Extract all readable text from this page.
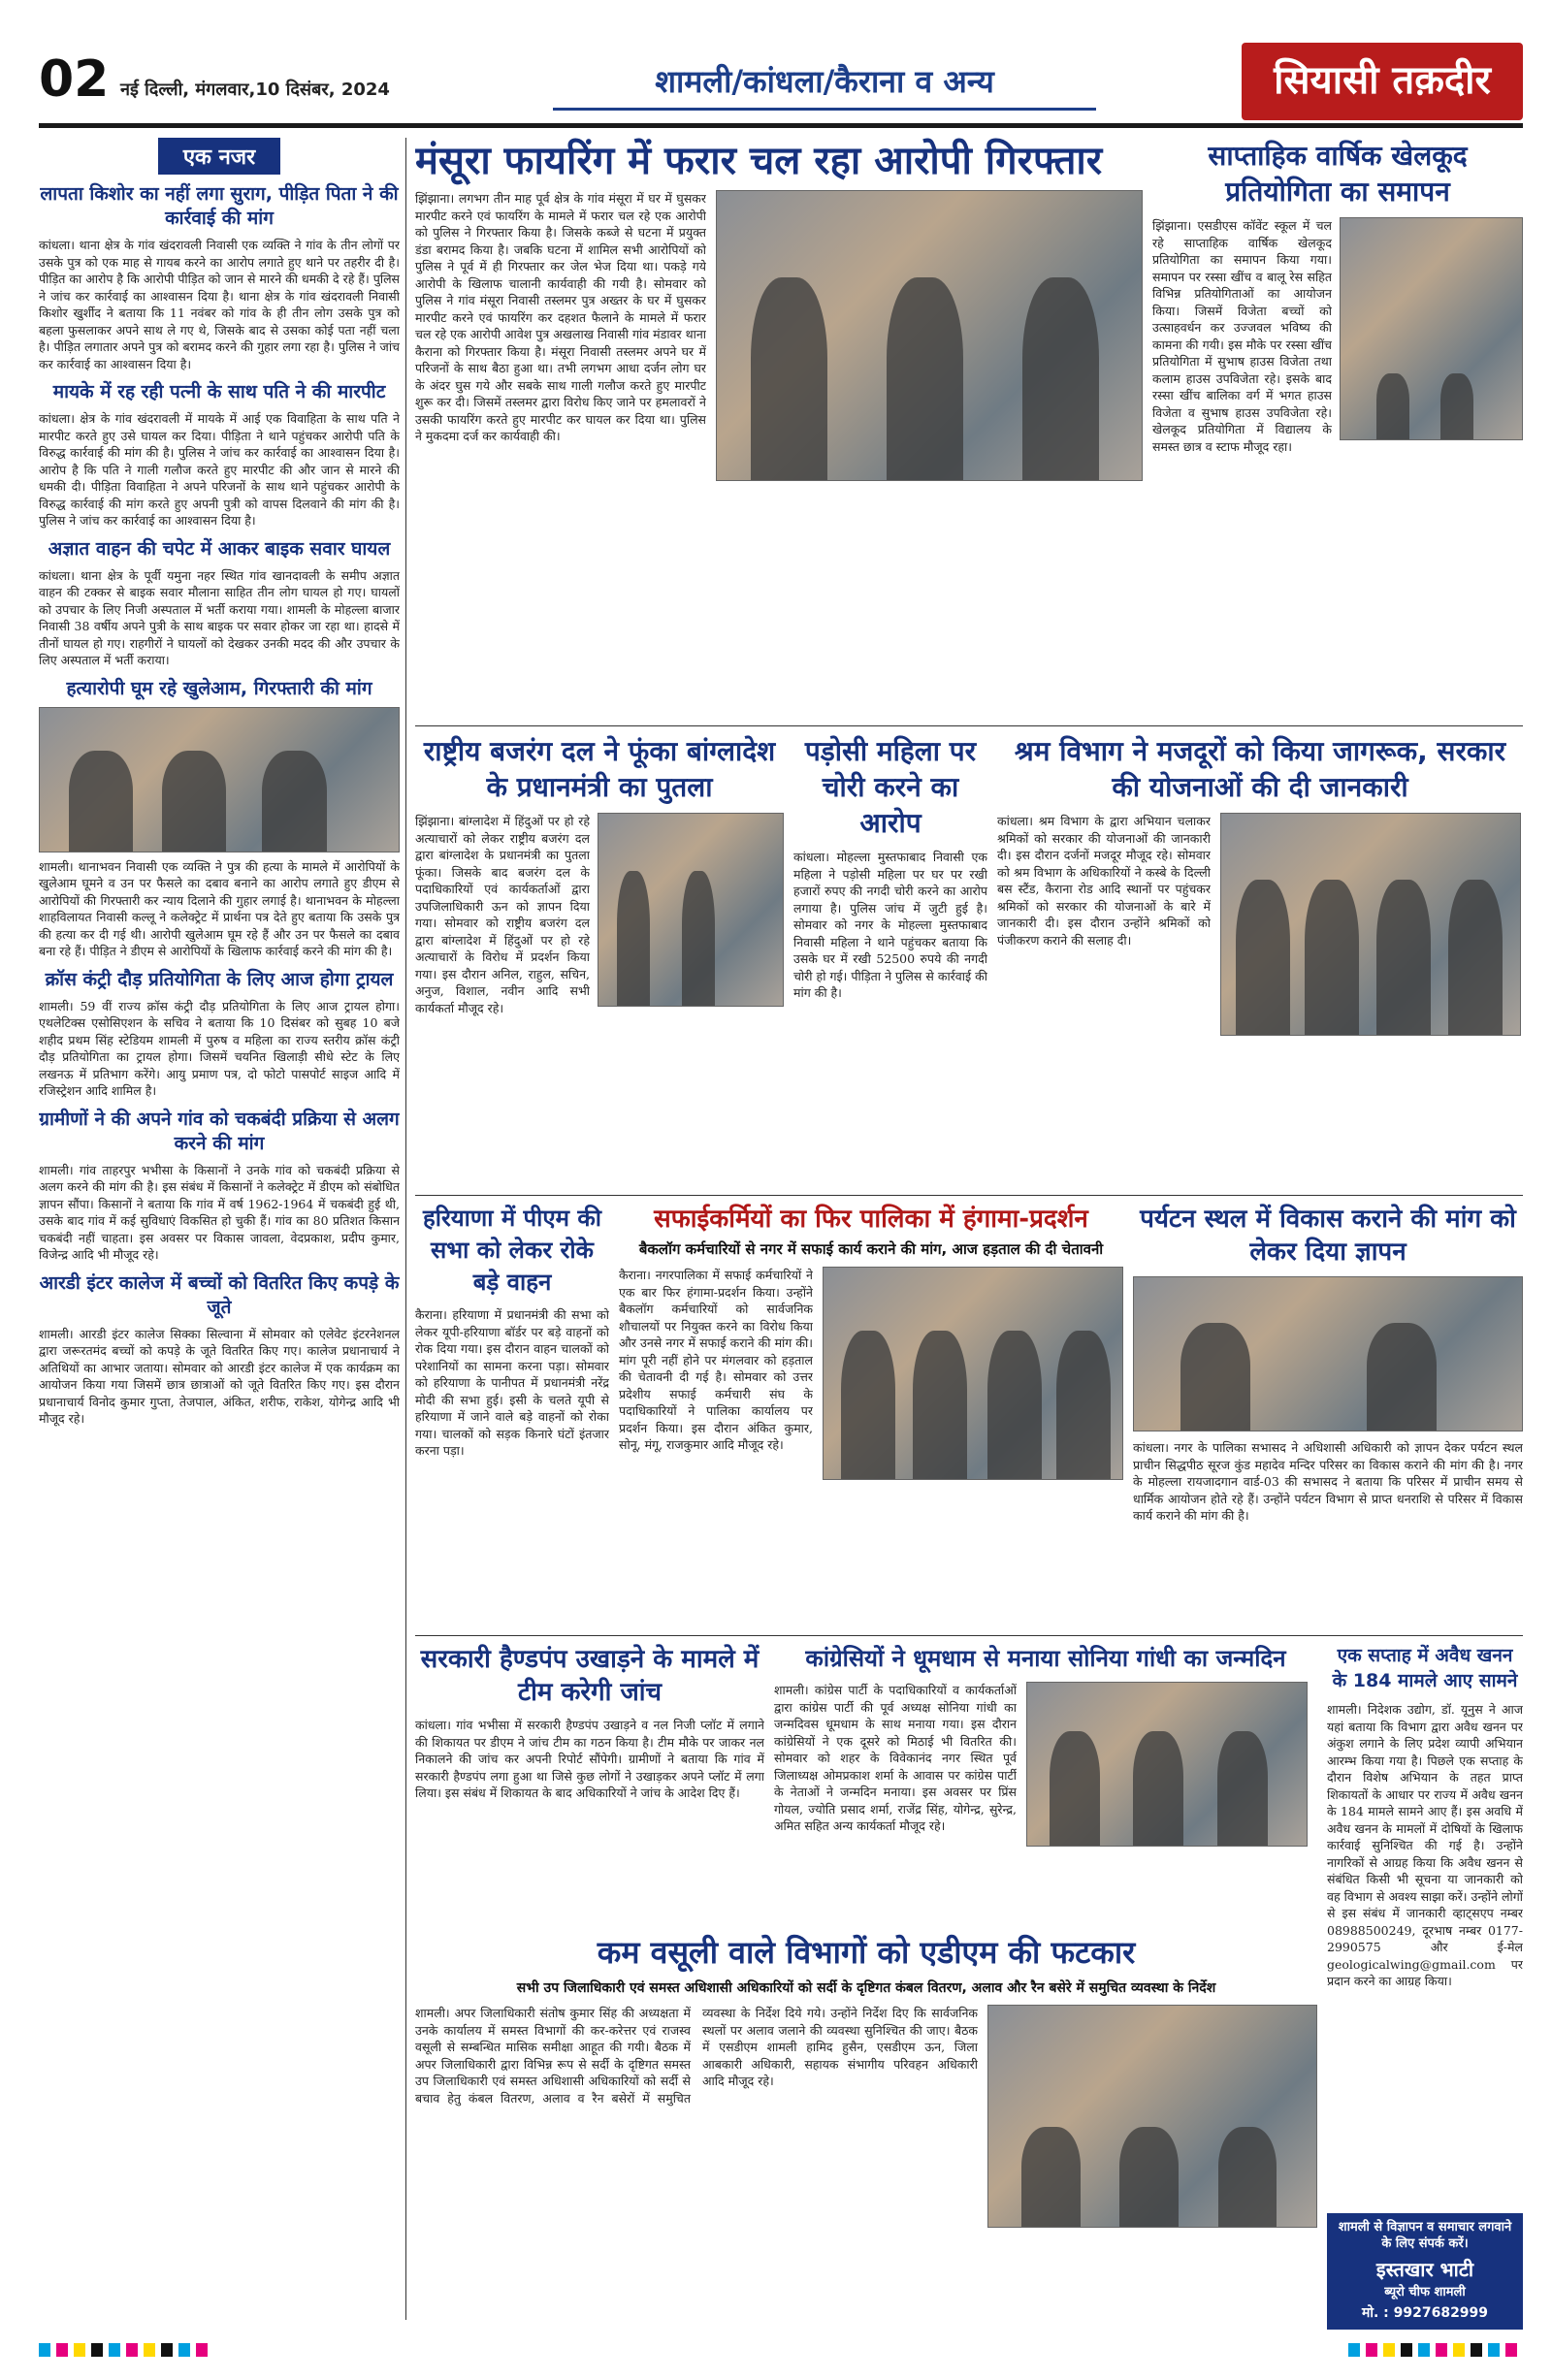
02 नई दिल्ली, मंगलवार,10 दिसंबर, 2024	शामली/कांधला/कैराना व अन्य	सियासी तक़दीर
एक नजर
लापता किशोर का नहीं लगा सुराग, पीड़ित पिता ने की कार्रवाई की मांग
कांधला। थाना क्षेत्र के गांव खंदरावली निवासी एक व्यक्ति ने गांव के तीन लोगों पर उसके पुत्र को एक माह से गायब करने का आरोप लगाते हुए थाने पर तहरीर दी है। पीड़ित का आरोप है कि आरोपी पीड़ित को जान से मारने की धमकी दे रहे हैं। पुलिस ने जांच कर कार्रवाई का आश्वासन दिया है। थाना क्षेत्र के गांव खंदरावली निवासी किशोर खुर्शीद ने बताया कि 11 नवंबर को गांव के ही तीन लोग उसके पुत्र को बहला फुसलाकर अपने साथ ले गए थे, जिसके बाद से उसका कोई पता नहीं चला है। पीड़ित लगातार अपने पुत्र को बरामद करने की गुहार लगा रहा है। पुलिस ने जांच कर कार्रवाई का आश्वासन दिया है।
मायके में रह रही पत्नी के साथ पति ने की मारपीट
कांधला। क्षेत्र के गांव खंदरावली में मायके में आई एक विवाहिता के साथ पति ने मारपीट करते हुए उसे घायल कर दिया। पीड़िता ने थाने पहुंचकर आरोपी पति के विरुद्ध कार्रवाई की मांग की है। पुलिस ने जांच कर कार्रवाई का आश्वासन दिया है। आरोप है कि पति ने गाली गलौज करते हुए मारपीट की और जान से मारने की धमकी दी। पीड़िता विवाहिता ने अपने परिजनों के साथ थाने पहुंचकर आरोपी के विरुद्ध कार्रवाई की मांग करते हुए अपनी पुत्री को वापस दिलवाने की मांग की है। पुलिस ने जांच कर कार्रवाई का आश्वासन दिया है।
अज्ञात वाहन की चपेट में आकर बाइक सवार घायल
कांधला। थाना क्षेत्र के पूर्वी यमुना नहर स्थित गांव खानदावली के समीप अज्ञात वाहन की टक्कर से बाइक सवार मौलाना साहित तीन लोग घायल हो गए। घायलों को उपचार के लिए निजी अस्पताल में भर्ती कराया गया। शामली के मोहल्ला बाजार निवासी 38 वर्षीय अपने पुत्री के साथ बाइक पर सवार होकर जा रहा था। हादसे में तीनों घायल हो गए। राहगीरों ने घायलों को देखकर उनकी मदद की और उपचार के लिए अस्पताल में भर्ती कराया।
हत्यारोपी घूम रहे खुलेआम, गिरफ्तारी की मांग
शामली। थानाभवन निवासी एक व्यक्ति ने पुत्र की हत्या के मामले में आरोपियों के खुलेआम घूमने व उन पर फैसले का दबाव बनाने का आरोप लगाते हुए डीएम से आरोपियों की गिरफ्तारी कर न्याय दिलाने की गुहार लगाई है। थानाभवन के मोहल्ला शाहविलायत निवासी कल्लू ने कलेक्ट्रेट में प्रार्थना पत्र देते हुए बताया कि उसके पुत्र की हत्या कर दी गई थी। आरोपी खुलेआम घूम रहे हैं और उन पर फैसले का दबाव बना रहे हैं। पीड़ित ने डीएम से आरोपियों के खिलाफ कार्रवाई करने की मांग की है।
क्रॉस कंट्री दौड़ प्रतियोगिता के लिए आज होगा ट्रायल
शामली। 59 वीं राज्य क्रॉस कंट्री दौड़ प्रतियोगिता के लिए आज ट्रायल होगा। एथलेटिक्स एसोसिएशन के सचिव ने बताया कि 10 दिसंबर को सुबह 10 बजे शहीद प्रथम सिंह स्टेडियम शामली में पुरुष व महिला का राज्य स्तरीय क्रॉस कंट्री दौड़ प्रतियोगिता का ट्रायल होगा। जिसमें चयनित खिलाड़ी सीधे स्टेट के लिए लखनऊ में प्रतिभाग करेंगे। आयु प्रमाण पत्र, दो फोटो पासपोर्ट साइज आदि में रजिस्ट्रेशन आदि शामिल है।
ग्रामीणों ने की अपने गांव को चकबंदी प्रक्रिया से अलग करने की मांग
शामली। गांव ताहरपुर भभीसा के किसानों ने उनके गांव को चकबंदी प्रक्रिया से अलग करने की मांग की है। इस संबंध में किसानों ने कलेक्ट्रेट में डीएम को संबोधित ज्ञापन सौंपा। किसानों ने बताया कि गांव में वर्ष 1962-1964 में चकबंदी हुई थी, उसके बाद गांव में कई सुविधाएं विकसित हो चुकी हैं। गांव का 80 प्रतिशत किसान चकबंदी नहीं चाहता। इस अवसर पर विकास जावला, वेदप्रकाश, प्रदीप कुमार, विजेन्द्र आदि भी मौजूद रहे।
आरडी इंटर कालेज में बच्चों को वितरित किए कपड़े के जूते
शामली। आरडी इंटर कालेज सिक्का सिल्वाना में सोमवार को एलेवेट इंटरनेशनल द्वारा जरूरतमंद बच्चों को कपड़े के जूते वितरित किए गए। कालेज प्रधानाचार्य ने अतिथियों का आभार जताया। सोमवार को आरडी इंटर कालेज में एक कार्यक्रम का आयोजन किया गया जिसमें छात्र छात्राओं को जूते वितरित किए गए। इस दौरान प्रधानाचार्य विनोद कुमार गुप्ता, तेजपाल, अंकित, शरीफ, राकेश, योगेन्द्र आदि भी मौजूद रहे।
मंसूरा फायरिंग में फरार चल रहा आरोपी गिरफ्तार
झिंझाना। लगभग तीन माह पूर्व क्षेत्र के गांव मंसूरा में घर में घुसकर मारपीट करने एवं फायरिंग के मामले में फरार चल रहे एक आरोपी को पुलिस ने गिरफ्तार किया है। जिसके कब्जे से घटना में प्रयुक्त डंडा बरामद किया है। जबकि घटना में शामिल सभी आरोपियों को पुलिस ने पूर्व में ही गिरफ्तार कर जेल भेज दिया था। पकड़े गये आरोपी के खिलाफ चालानी कार्यवाही की गयी है। सोमवार को पुलिस ने गांव मंसूरा निवासी तस्लमर पुत्र अख्तर के घर में घुसकर मारपीट करने एवं फायरिंग कर दहशत फैलाने के मामले में फरार चल रहे एक आरोपी आवेश पुत्र अखलाख निवासी गांव मंडावर थाना कैराना को गिरफ्तार किया है। मंसूरा निवासी तस्लमर अपने घर में परिजनों के साथ बैठा हुआ था। तभी लगभग आधा दर्जन लोग घर के अंदर घुस गये और सबके साथ गाली गलौज करते हुए मारपीट शुरू कर दी। जिसमें तस्लमर द्वारा विरोध किए जाने पर हमलावरों ने उसकी फायरिंग करते हुए मारपीट कर घायल कर दिया था। पुलिस ने मुकदमा दर्ज कर कार्यवाही की।
साप्ताहिक वार्षिक खेलकूद प्रतियोगिता का समापन
झिंझाना। एसडीएस कॉवेंट स्कूल में चल रहे साप्ताहिक वार्षिक खेलकूद प्रतियोगिता का समापन किया गया। समापन पर रस्सा खींच व बालू रेस सहित विभिन्न प्रतियोगिताओं का आयोजन किया। जिसमें विजेता बच्चों को उत्साहवर्धन कर उज्जवल भविष्य की कामना की गयी। इस मौके पर रस्सा खींच प्रतियोगिता में सुभाष हाउस विजेता तथा कलाम हाउस उपविजेता रहे। इसके बाद रस्सा खींच बालिका वर्ग में भगत हाउस विजेता व सुभाष हाउस उपविजेता रहे। खेलकूद प्रतियोगिता में विद्यालय के समस्त छात्र व स्टाफ मौजूद रहा।
राष्ट्रीय बजरंग दल ने फूंका बांग्लादेश के प्रधानमंत्री का पुतला
झिंझाना। बांग्लादेश में हिंदुओं पर हो रहे अत्याचारों को लेकर राष्ट्रीय बजरंग दल द्वारा बांग्लादेश के प्रधानमंत्री का पुतला फूंका। जिसके बाद बजरंग दल के पदाधिकारियों एवं कार्यकर्ताओं द्वारा उपजिलाधिकारी ऊन को ज्ञापन दिया गया। सोमवार को राष्ट्रीय बजरंग दल द्वारा बांग्लादेश में हिंदुओं पर हो रहे अत्याचारों के विरोध में प्रदर्शन किया गया। इस दौरान अनिल, राहुल, सचिन, अनुज, विशाल, नवीन आदि सभी कार्यकर्ता मौजूद रहे।
पड़ोसी महिला पर चोरी करने का आरोप
कांधला। मोहल्ला मुस्तफाबाद निवासी एक महिला ने पड़ोसी महिला पर घर पर रखी हजारों रुपए की नगदी चोरी करने का आरोप लगाया है। पुलिस जांच में जुटी हुई है। सोमवार को नगर के मोहल्ला मुस्तफाबाद निवासी महिला ने थाने पहुंचकर बताया कि उसके घर में रखी 52500 रुपये की नगदी चोरी हो गई। पीड़िता ने पुलिस से कार्रवाई की मांग की है।
श्रम विभाग ने मजदूरों को किया जागरूक, सरकार की योजनाओं की दी जानकारी
कांधला। श्रम विभाग के द्वारा अभियान चलाकर श्रमिकों को सरकार की योजनाओं की जानकारी दी। इस दौरान दर्जनों मजदूर मौजूद रहे। सोमवार को श्रम विभाग के अधिकारियों ने कस्बे के दिल्ली बस स्टैंड, कैराना रोड आदि स्थानों पर पहुंचकर श्रमिकों को सरकार की योजनाओं के बारे में जानकारी दी। इस दौरान उन्होंने श्रमिकों को पंजीकरण कराने की सलाह दी।
हरियाणा में पीएम की सभा को लेकर रोके बड़े वाहन
कैराना। हरियाणा में प्रधानमंत्री की सभा को लेकर यूपी-हरियाणा बॉर्डर पर बड़े वाहनों को रोक दिया गया। इस दौरान वाहन चालकों को परेशानियों का सामना करना पड़ा। सोमवार को हरियाणा के पानीपत में प्रधानमंत्री नरेंद्र मोदी की सभा हुई। इसी के चलते यूपी से हरियाणा में जाने वाले बड़े वाहनों को रोका गया। चालकों को सड़क किनारे घंटों इंतजार करना पड़ा।
सफाईकर्मियों का फिर पालिका में हंगामा-प्रदर्शन
बैकलॉग कर्मचारियों से नगर में सफाई कार्य कराने की मांग, आज हड़ताल की दी चेतावनी
कैराना। नगरपालिका में सफाई कर्मचारियों ने एक बार फिर हंगामा-प्रदर्शन किया। उन्होंने बैकलॉग कर्मचारियों को सार्वजनिक शौचालयों पर नियुक्त करने का विरोध किया और उनसे नगर में सफाई कराने की मांग की। मांग पूरी नहीं होने पर मंगलवार को हड़ताल की चेतावनी दी गई है। सोमवार को उत्तर प्रदेशीय सफाई कर्मचारी संघ के पदाधिकारियों ने पालिका कार्यालय पर प्रदर्शन किया। इस दौरान अंकित कुमार, सोनू, मंगू, राजकुमार आदि मौजूद रहे।
पर्यटन स्थल में विकास कराने की मांग को लेकर दिया ज्ञापन
कांधला। नगर के पालिका सभासद ने अधिशासी अधिकारी को ज्ञापन देकर पर्यटन स्थल प्राचीन सिद्धपीठ सूरज कुंड महादेव मन्दिर परिसर का विकास कराने की मांग की है। नगर के मोहल्ला रायजादगान वार्ड-03 की सभासद ने बताया कि परिसर में प्राचीन समय से धार्मिक आयोजन होते रहे हैं। उन्होंने पर्यटन विभाग से प्राप्त धनराशि से परिसर में विकास कार्य कराने की मांग की है।
सरकारी हैण्डपंप उखाड़ने के मामले में टीम करेगी जांच
कांधला। गांव भभीसा में सरकारी हैण्डपंप उखाड़ने व नल निजी प्लॉट में लगाने की शिकायत पर डीएम ने जांच टीम का गठन किया है। टीम मौके पर जाकर नल निकालने की जांच कर अपनी रिपोर्ट सौंपेगी। ग्रामीणों ने बताया कि गांव में सरकारी हैण्डपंप लगा हुआ था जिसे कुछ लोगों ने उखाड़कर अपने प्लॉट में लगा लिया। इस संबंध में शिकायत के बाद अधिकारियों ने जांच के आदेश दिए हैं।
कांग्रेसियों ने धूमधाम से मनाया सोनिया गांधी का जन्मदिन
शामली। कांग्रेस पार्टी के पदाधिकारियों व कार्यकर्ताओं द्वारा कांग्रेस पार्टी की पूर्व अध्यक्ष सोनिया गांधी का जन्मदिवस धूमधाम के साथ मनाया गया। इस दौरान कांग्रेसियों ने एक दूसरे को मिठाई भी वितरित की। सोमवार को शहर के विवेकानंद नगर स्थित पूर्व जिलाध्यक्ष ओमप्रकाश शर्मा के आवास पर कांग्रेस पार्टी के नेताओं ने जन्मदिन मनाया। इस अवसर पर प्रिंस गोयल, ज्योति प्रसाद शर्मा, राजेंद्र सिंह, योगेन्द्र, सुरेन्द्र, अमित सहित अन्य कार्यकर्ता मौजूद रहे।
एक सप्ताह में अवैध खनन के 184 मामले आए सामने
शामली। निदेशक उद्योग, डॉ. यूनुस ने आज यहां बताया कि विभाग द्वारा अवैध खनन पर अंकुश लगाने के लिए प्रदेश व्यापी अभियान आरम्भ किया गया है। पिछले एक सप्ताह के दौरान विशेष अभियान के तहत प्राप्त शिकायतों के आधार पर राज्य में अवैध खनन के 184 मामले सामने आए हैं। इस अवधि में अवैध खनन के मामलों में दोषियों के खिलाफ कार्रवाई सुनिश्चित की गई है। उन्होंने नागरिकों से आग्रह किया कि अवैध खनन से संबंधित किसी भी सूचना या जानकारी को वह विभाग से अवश्य साझा करें। उन्होंने लोगों से इस संबंध में जानकारी व्हाट्सएप नम्बर 08988500249, दूरभाष नम्बर 0177-2990575 और ई-मेल geologicalwing@gmail.com पर प्रदान करने का आग्रह किया।
कम वसूली वाले विभागों को एडीएम की फटकार
सभी उप जिलाधिकारी एवं समस्त अधिशासी अधिकारियों को सर्दी के दृष्टिगत कंबल वितरण, अलाव और रैन बसेरे में समुचित व्यवस्था के निर्देश
शामली। अपर जिलाधिकारी संतोष कुमार सिंह की अध्यक्षता में उनके कार्यालय में समस्त विभागों की कर-करेत्तर एवं राजस्व वसूली से सम्बन्धित मासिक समीक्षा आहूत की गयी। बैठक में अपर जिलाधिकारी द्वारा विभिन्न रूप से सर्दी के दृष्टिगत समस्त उप जिलाधिकारी एवं समस्त अधिशासी अधिकारियों को सर्दी से बचाव हेतु कंबल वितरण, अलाव व रैन बसेरों में समुचित व्यवस्था के निर्देश दिये गये। उन्होंने निर्देश दिए कि सार्वजनिक स्थलों पर अलाव जलाने की व्यवस्था सुनिश्चित की जाए। बैठक में एसडीएम शामली हामिद हुसैन, एसडीएम ऊन, जिला आबकारी अधिकारी, सहायक संभागीय परिवहन अधिकारी आदि मौजूद रहे।
शामली से विज्ञापन व समाचार लगवाने के लिए संपर्क करें।
इस्तखार भाटी
ब्यूरो चीफ शामली
मो. : 9927682999
